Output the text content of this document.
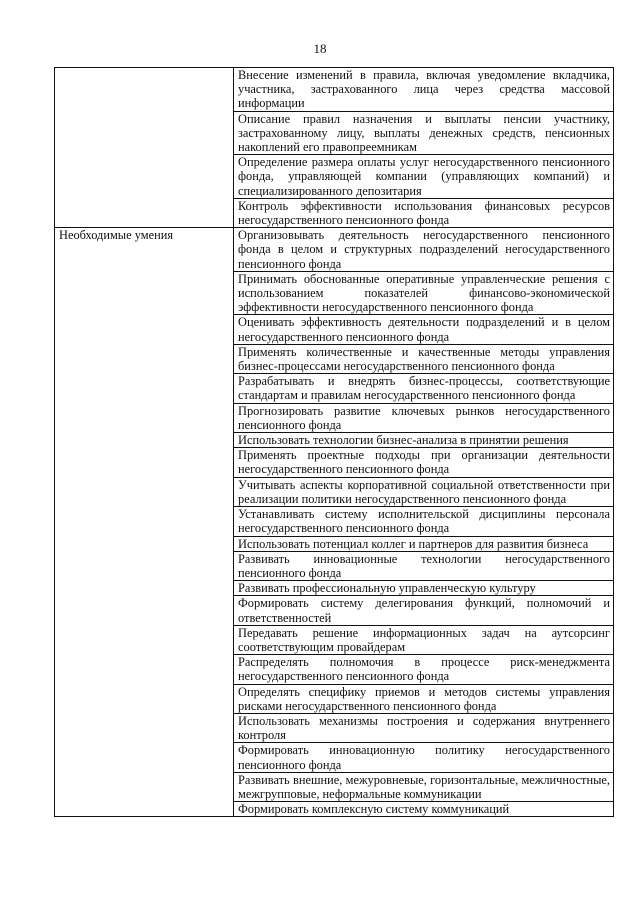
18
	Внесение изменений в правила, включая уведомление вкладчика, участника, застрахованного лица через средства массовой информации
	Описание правил назначения и выплаты пенсии участнику, застрахованному лицу, выплаты денежных средств, пенсионных накоплений его правопреемникам
	Определение размера оплаты услуг негосударственного пенсионного фонда, управляющей компании (управляющих компаний) и специализированного депозитария
	Контроль эффективности использования финансовых ресурсов негосударственного пенсионного фонда
Необходимые умения	Организовывать деятельность негосударственного пенсионного фонда в целом и структурных подразделений негосударственного пенсионного фонда
	Принимать обоснованные оперативные управленческие решения с использованием показателей финансово-экономической эффективности негосударственного пенсионного фонда
	Оценивать эффективность деятельности подразделений и в целом негосударственного пенсионного фонда
	Применять количественные и качественные методы управления бизнес-процессами негосударственного пенсионного фонда
	Разрабатывать и внедрять бизнес-процессы, соответствующие стандартам и правилам негосударственного пенсионного фонда
	Прогнозировать развитие ключевых рынков негосударственного пенсионного фонда
	Использовать технологии бизнес-анализа в принятии решения
	Применять проектные подходы при организации деятельности негосударственного пенсионного фонда
	Учитывать аспекты корпоративной социальной ответственности при реализации политики негосударственного пенсионного фонда
	Устанавливать систему исполнительской дисциплины персонала негосударственного пенсионного фонда
	Использовать потенциал коллег и партнеров для развития бизнеса
	Развивать инновационные технологии негосударственного пенсионного фонда
	Развивать профессиональную управленческую культуру
	Формировать систему делегирования функций, полномочий и ответственностей
	Передавать решение информационных задач на аутсорсинг соответствующим провайдерам
	Распределять полномочия в процессе риск-менеджмента негосударственного пенсионного фонда
	Определять специфику приемов и методов системы управления рисками негосударственного пенсионного фонда
	Использовать механизмы построения и содержания внутреннего контроля
	Формировать инновационную политику негосударственного пенсионного фонда
	Развивать внешние, межуровневые, горизонтальные, межличностные, межгрупповые, неформальные коммуникации
	Формировать комплексную систему коммуникаций
